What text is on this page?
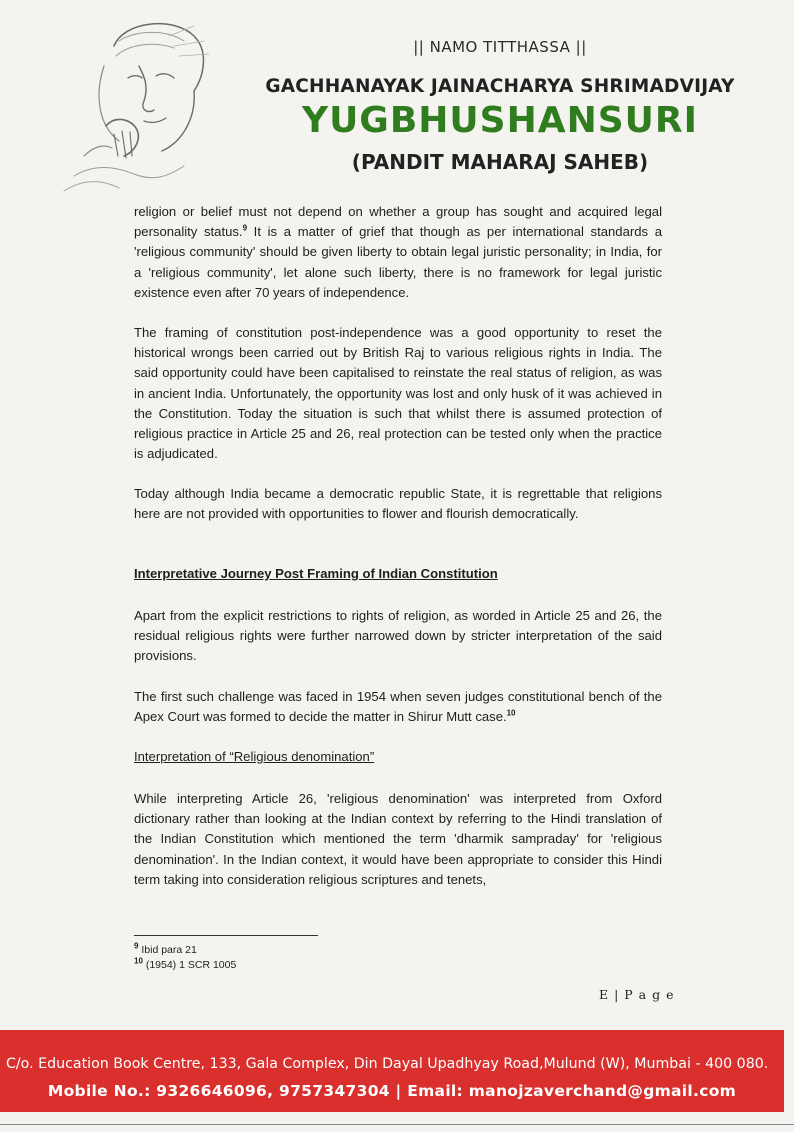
|| NAMO TITTHASSA ||
GACHHANAYAK JAINACHARYA SHRIMADVIJAY
YUGBHUSHANSURI
(PANDIT MAHARAJ SAHEB)

religion or belief must not depend on whether a group has sought and acquired legal personality status.$^9$ It is a matter of grief that though as per international standards a 'religious community' should be given liberty to obtain legal juristic personality; in India, for a 'religious community', let alone such liberty, there is no framework for legal juristic existence even after 70 years of independence.

The framing of constitution post-independence was a good opportunity to reset the historical wrongs been carried out by British Raj to various religious rights in India. The said opportunity could have been capitalised to reinstate the real status of religion, as was in ancient India. Unfortunately, the opportunity was lost and only husk of it was achieved in the Constitution. Today the situation is such that whilst there is assumed protection of religious practice in Article 25 and 26, real protection can be tested only when the practice is adjudicated.

Today although India became a democratic republic State, it is regrettable that religions here are not provided with opportunities to flower and flourish democratically.

Interpretative Journey Post Framing of Indian Constitution

Apart from the explicit restrictions to rights of religion, as worded in Article 25 and 26, the residual religious rights were further narrowed down by stricter interpretation of the said provisions.

The first such challenge was faced in 1954 when seven judges constitutional bench of the Apex Court was formed to decide the matter in Shirur Mutt case.$^{10}$

Interpretation of “Religious denomination”

While interpreting Article 26, 'religious denomination' was interpreted from Oxford dictionary rather than looking at the Indian context by referring to the Hindi translation of the Indian Constitution which mentioned the term 'dharmik sampraday' for 'religious denomination'. In the Indian context, it would have been appropriate to consider this Hindi term taking into consideration religious scriptures and tenets,

$^9$ Ibid para 21
$^{10}$ (1954) 1 SCR 1005
E | P a g e
C/o. Education Book Centre, 133, Gala Complex, Din Dayal Upadhyay Road,Mulund (W), Mumbai - 400 080.
Mobile No.: 9326646096, 9757347304 | Email: manojzaverchand@gmail.com
